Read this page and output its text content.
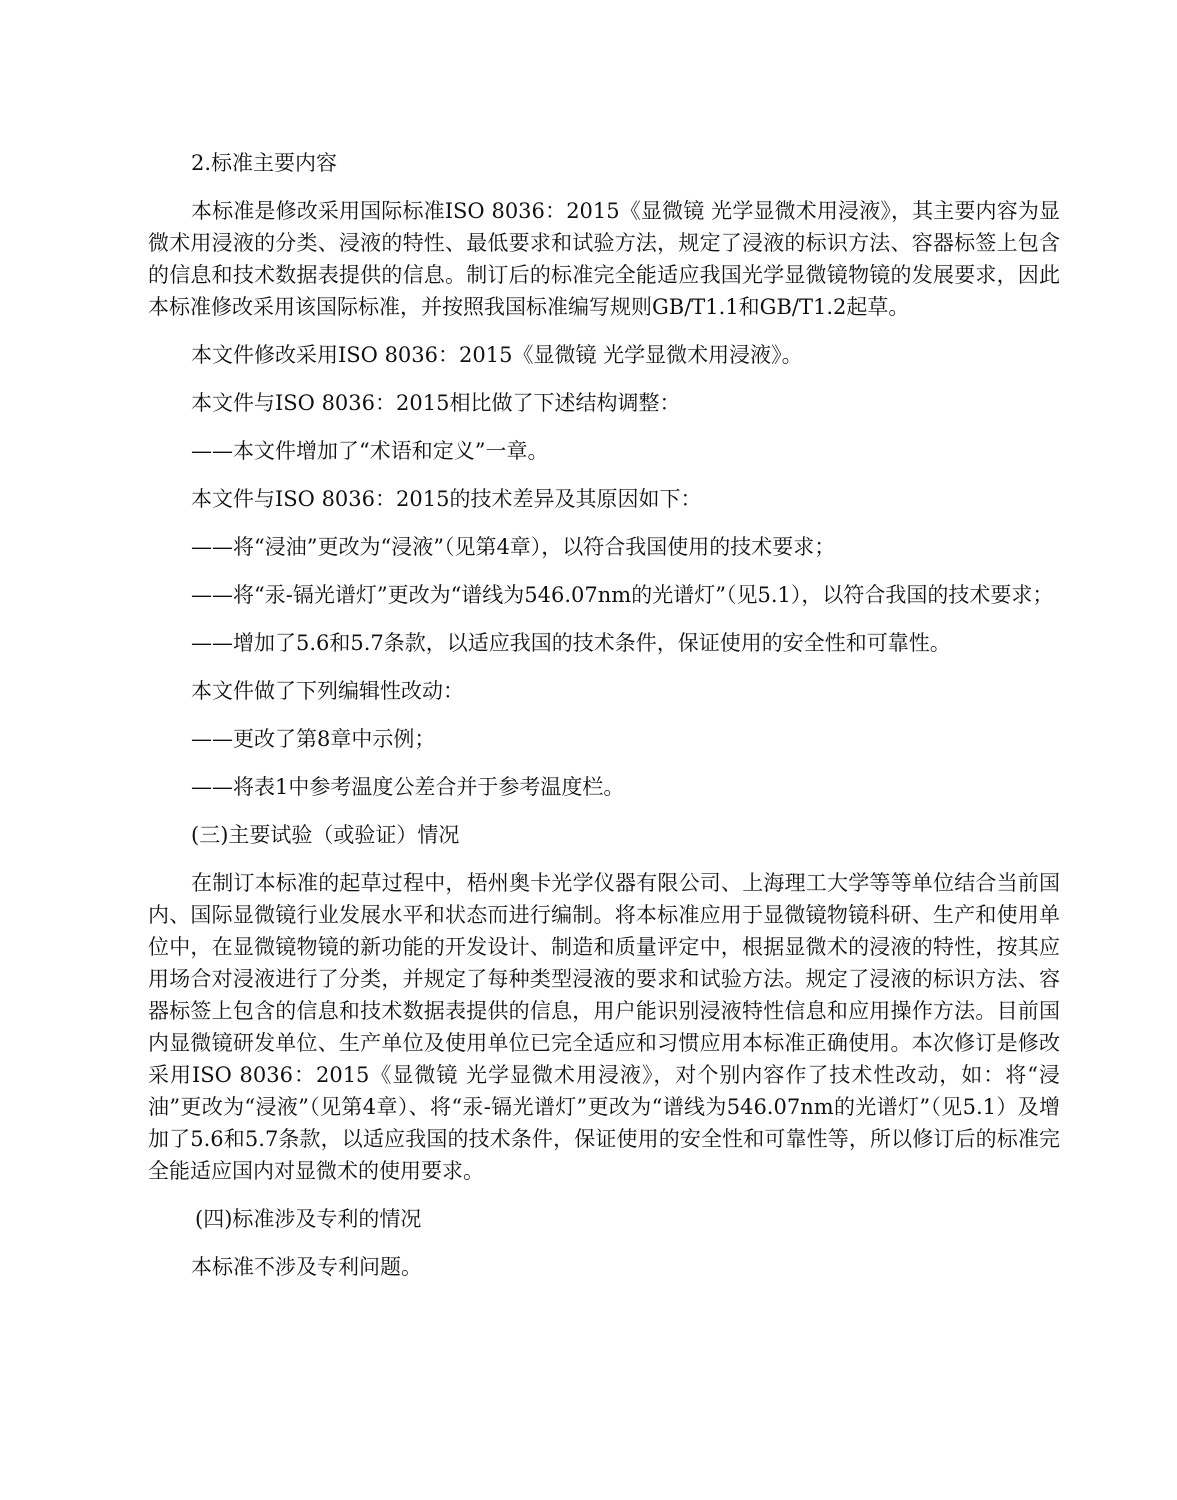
2.标准主要内容

本标准是修改采用国际标准ISO 8036：2015《显微镜 光学显微术用浸液》，其主要内容为显微术用浸液的分类、浸液的特性、最低要求和试验方法，规定了浸液的标识方法、容器标签上包含的信息和技术数据表提供的信息。制订后的标准完全能适应我国光学显微镜物镜的发展要求，因此本标准修改采用该国际标准，并按照我国标准编写规则GB/T1.1和GB/T1.2起草。

本文件修改采用ISO 8036：2015《显微镜 光学显微术用浸液》。

本文件与ISO 8036：2015相比做了下述结构调整：

——本文件增加了“术语和定义”一章。

本文件与ISO 8036：2015的技术差异及其原因如下：

——将“浸油”更改为“浸液”（见第4章），以符合我国使用的技术要求；

——将“汞-镉光谱灯”更改为“谱线为546.07nm的光谱灯”（见5.1），以符合我国的技术要求；

——增加了5.6和5.7条款，以适应我国的技术条件，保证使用的安全性和可靠性。

本文件做了下列编辑性改动：

——更改了第8章中示例；

——将表1中参考温度公差合并于参考温度栏。

(三)主要试验（或验证）情况

在制订本标准的起草过程中，梧州奥卡光学仪器有限公司、上海理工大学等等单位结合当前国内、国际显微镜行业发展水平和状态而进行编制。将本标准应用于显微镜物镜科研、生产和使用单位中，在显微镜物镜的新功能的开发设计、制造和质量评定中，根据显微术的浸液的特性，按其应用场合对浸液进行了分类，并规定了每种类型浸液的要求和试验方法。规定了浸液的标识方法、容器标签上包含的信息和技术数据表提供的信息，用户能识别浸液特性信息和应用操作方法。目前国内显微镜研发单位、生产单位及使用单位已完全适应和习惯应用本标准正确使用。本次修订是修改采用ISO 8036：2015《显微镜 光学显微术用浸液》，对个别内容作了技术性改动，如：将“浸油”更改为“浸液”（见第4章）、将“汞-镉光谱灯”更改为“谱线为546.07nm的光谱灯”（见5.1）及增加了5.6和5.7条款，以适应我国的技术条件，保证使用的安全性和可靠性等，所以修订后的标准完全能适应国内对显微术的使用要求。

(四)标准涉及专利的情况

本标准不涉及专利问题。
